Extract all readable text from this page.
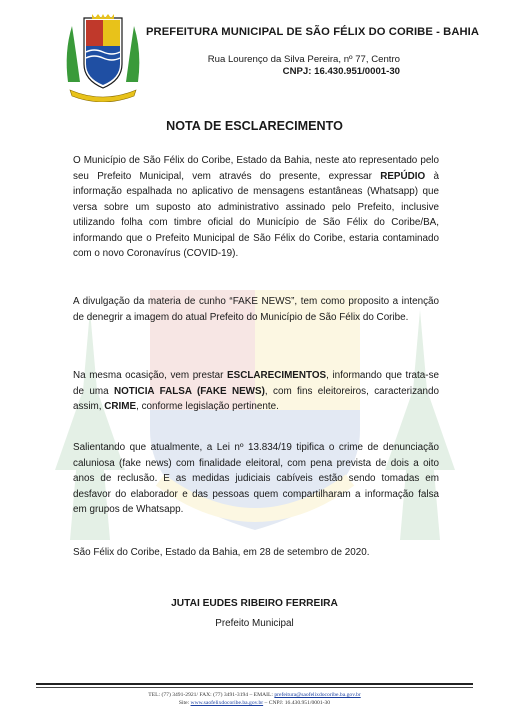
PREFEITURA MUNICIPAL DE SÃO FÉLIX DO CORIBE - BAHIA
Rua Lourenço da Silva Pereira, nº 77, Centro
CNPJ: 16.430.951/0001-30
NOTA DE ESCLARECIMENTO

O Município de São Félix do Coribe, Estado da Bahia, neste ato representado pelo seu Prefeito Municipal, vem através do presente, expressar REPÚDIO à informação espalhada no aplicativo de mensagens estantâneas (Whatsapp) que versa sobre um suposto ato administrativo assinado pelo Prefeito, inclusive utilizando folha com timbre oficial do Município de São Félix do Coribe/BA, informando que o Prefeito Municipal de São Félix do Coribe, estaria contaminado com o novo Coronavírus (COVID-19).

A divulgação da materia de cunho “FAKE NEWS”, tem como proposito a intenção de denegrir a imagem do atual Prefeito do Município de São Félix do Coribe.

Na mesma ocasição, vem prestar ESCLARECIMENTOS, informando que trata-se de uma NOTICIA FALSA (FAKE NEWS), com fins eleitoreiros, caracterizando assim, CRIME, conforme legislação pertinente.

Salientando que atualmente, a Lei nº 13.834/19 tipifica o crime de denunciação caluniosa (fake news) com finalidade eleitoral, com pena prevista de dois a oito anos de reclusão. E as medidas judiciais cabíveis estão sendo tomadas em desfavor do elaborador e das pessoas quem compartilharam a informação falsa em grupos de Whatsapp.

São Félix do Coribe, Estado da Bahia, em 28 de setembro de 2020.

JUTAI EUDES RIBEIRO FERREIRA
Prefeito Municipal
TEL: (77) 3491-2921/ FAX: (77) 3491-3194 – EMAIL: prefeitura@saofelixdocoribe.ba.gov.br
Site: www.saofelixdocoribe.ba.gov.br – CNPJ: 16.430.951/0001-30
